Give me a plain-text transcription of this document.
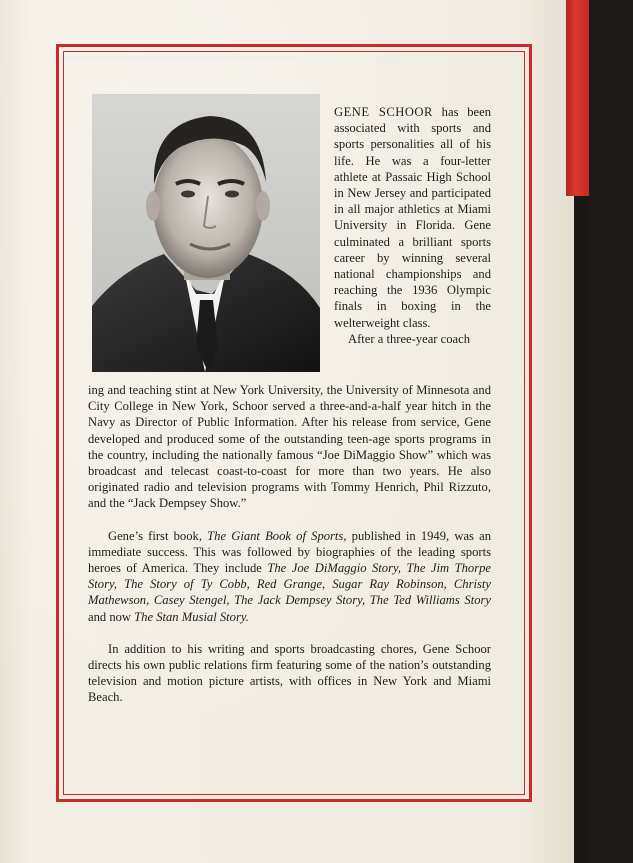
GENE SCHOOR has been associated with sports and sports personalities all of his life. He was a four-letter athlete at Passaic High School in New Jersey and participated in all major athletics at Miami University in Florida. Gene culminated a brilliant sports career by winning several national championships and reaching the 1936 Olympic finals in boxing in the welterweight class.
After a three-year coach

ing and teaching stint at New York University, the University of Minnesota and City College in New York, Schoor served a three-and-a-half year hitch in the Navy as Director of Public Information. After his release from service, Gene developed and produced some of the outstanding teen-age sports programs in the country, including the nationally famous “Joe DiMaggio Show” which was broadcast and telecast coast-to-coast for more than two years. He also originated radio and television programs with Tommy Henrich, Phil Rizzuto, and the “Jack Dempsey Show.”

Gene’s first book, The Giant Book of Sports, published in 1949, was an immediate success. This was followed by biographies of the leading sports heroes of America. They include The Joe DiMaggio Story, The Jim Thorpe Story, The Story of Ty Cobb, Red Grange, Sugar Ray Robinson, Christy Mathewson, Casey Stengel, The Jack Dempsey Story, The Ted Williams Story and now The Stan Musial Story.

In addition to his writing and sports broadcasting chores, Gene Schoor directs his own public relations firm featuring some of the nation’s outstanding television and motion picture artists, with offices in New York and Miami Beach.
